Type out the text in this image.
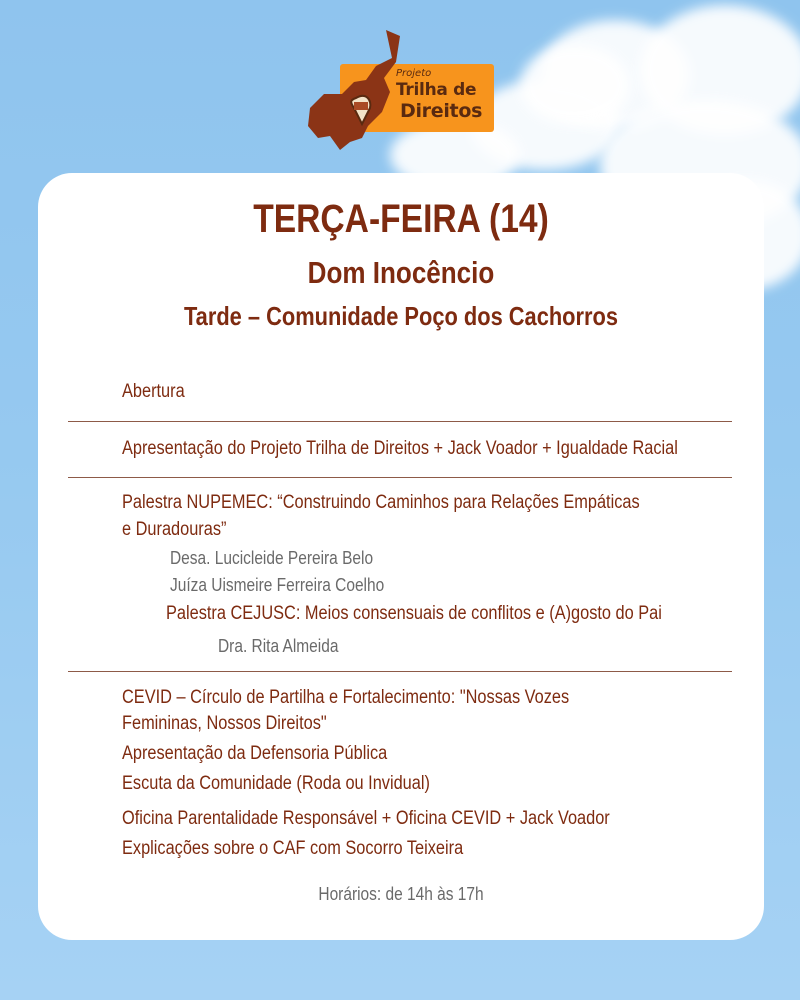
Projeto
Trilha de
Direitos
TERÇA-FEIRA (14)
Dom Inocêncio
Tarde – Comunidade Poço dos Cachorros
Abertura
Apresentação do Projeto Trilha de Direitos + Jack Voador + Igualdade Racial
Palestra NUPEMEC: “Construindo Caminhos para Relações Empáticas
e Duradouras”
Desa. Lucicleide Pereira Belo
Juíza Uismeire Ferreira Coelho
Palestra CEJUSC: Meios consensuais de conflitos e (A)gosto do Pai
Dra. Rita Almeida
CEVID – Círculo de Partilha e Fortalecimento: "Nossas Vozes
Femininas, Nossos Direitos"
Apresentação da Defensoria Pública
Escuta da Comunidade (Roda ou Invidual)
Oficina Parentalidade Responsável + Oficina CEVID + Jack Voador
Explicações sobre o CAF com Socorro Teixeira
Horários: de 14h às 17h
